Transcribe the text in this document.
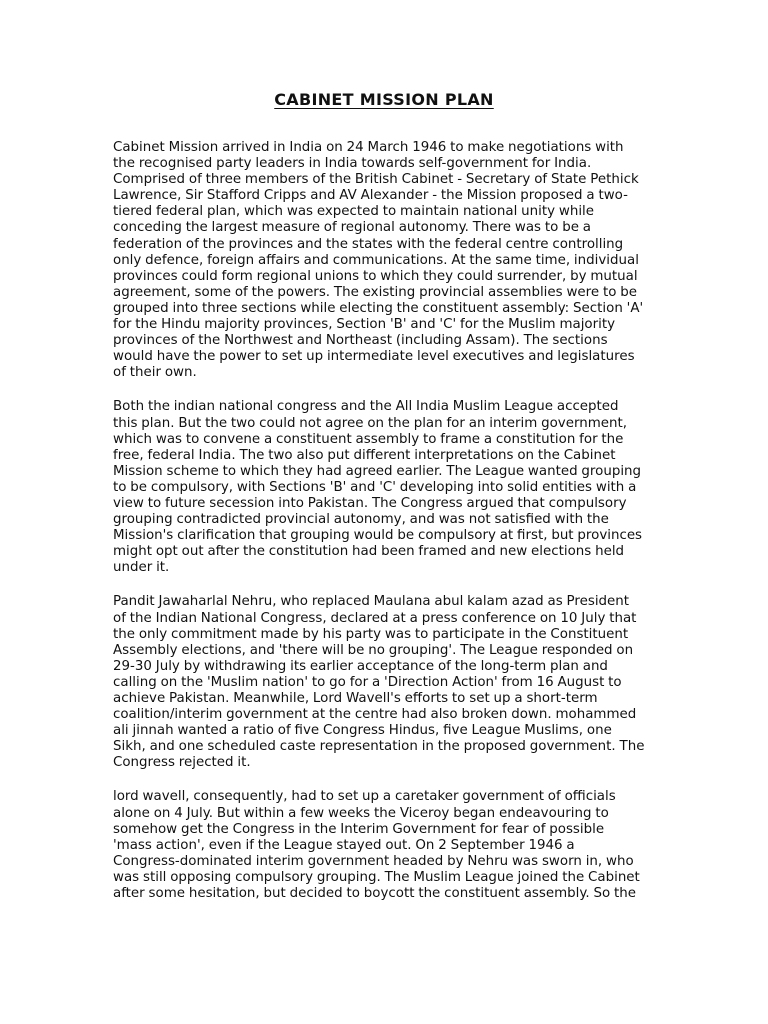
CABINET MISSION PLAN

Cabinet Mission arrived in India on 24 March 1946 to make negotiations with
the recognised party leaders in India towards self-government for India.
Comprised of three members of the British Cabinet - Secretary of State Pethick
Lawrence, Sir Stafford Cripps and AV Alexander - the Mission proposed a two-
tiered federal plan, which was expected to maintain national unity while
conceding the largest measure of regional autonomy. There was to be a
federation of the provinces and the states with the federal centre controlling
only defence, foreign affairs and communications. At the same time, individual
provinces could form regional unions to which they could surrender, by mutual
agreement, some of the powers. The existing provincial assemblies were to be
grouped into three sections while electing the constituent assembly: Section 'A'
for the Hindu majority provinces, Section 'B' and 'C' for the Muslim majority
provinces of the Northwest and Northeast (including Assam). The sections
would have the power to set up intermediate level executives and legislatures
of their own.

Both the indian national congress and the All India Muslim League accepted
this plan. But the two could not agree on the plan for an interim government,
which was to convene a constituent assembly to frame a constitution for the
free, federal India. The two also put different interpretations on the Cabinet
Mission scheme to which they had agreed earlier. The League wanted grouping
to be compulsory, with Sections 'B' and 'C' developing into solid entities with a
view to future secession into Pakistan. The Congress argued that compulsory
grouping contradicted provincial autonomy, and was not satisfied with the
Mission's clarification that grouping would be compulsory at first, but provinces
might opt out after the constitution had been framed and new elections held
under it.

Pandit Jawaharlal Nehru, who replaced Maulana abul kalam azad as President
of the Indian National Congress, declared at a press conference on 10 July that
the only commitment made by his party was to participate in the Constituent
Assembly elections, and 'there will be no grouping'. The League responded on
29-30 July by withdrawing its earlier acceptance of the long-term plan and
calling on the 'Muslim nation' to go for a 'Direction Action' from 16 August to
achieve Pakistan. Meanwhile, Lord Wavell's efforts to set up a short-term
coalition/interim government at the centre had also broken down. mohammed
ali jinnah wanted a ratio of five Congress Hindus, five League Muslims, one
Sikh, and one scheduled caste representation in the proposed government. The
Congress rejected it.

lord wavell, consequently, had to set up a caretaker government of officials
alone on 4 July. But within a few weeks the Viceroy began endeavouring to
somehow get the Congress in the Interim Government for fear of possible
'mass action', even if the League stayed out. On 2 September 1946 a
Congress-dominated interim government headed by Nehru was sworn in, who
was still opposing compulsory grouping. The Muslim League joined the Cabinet
after some hesitation, but decided to boycott the constituent assembly. So the
